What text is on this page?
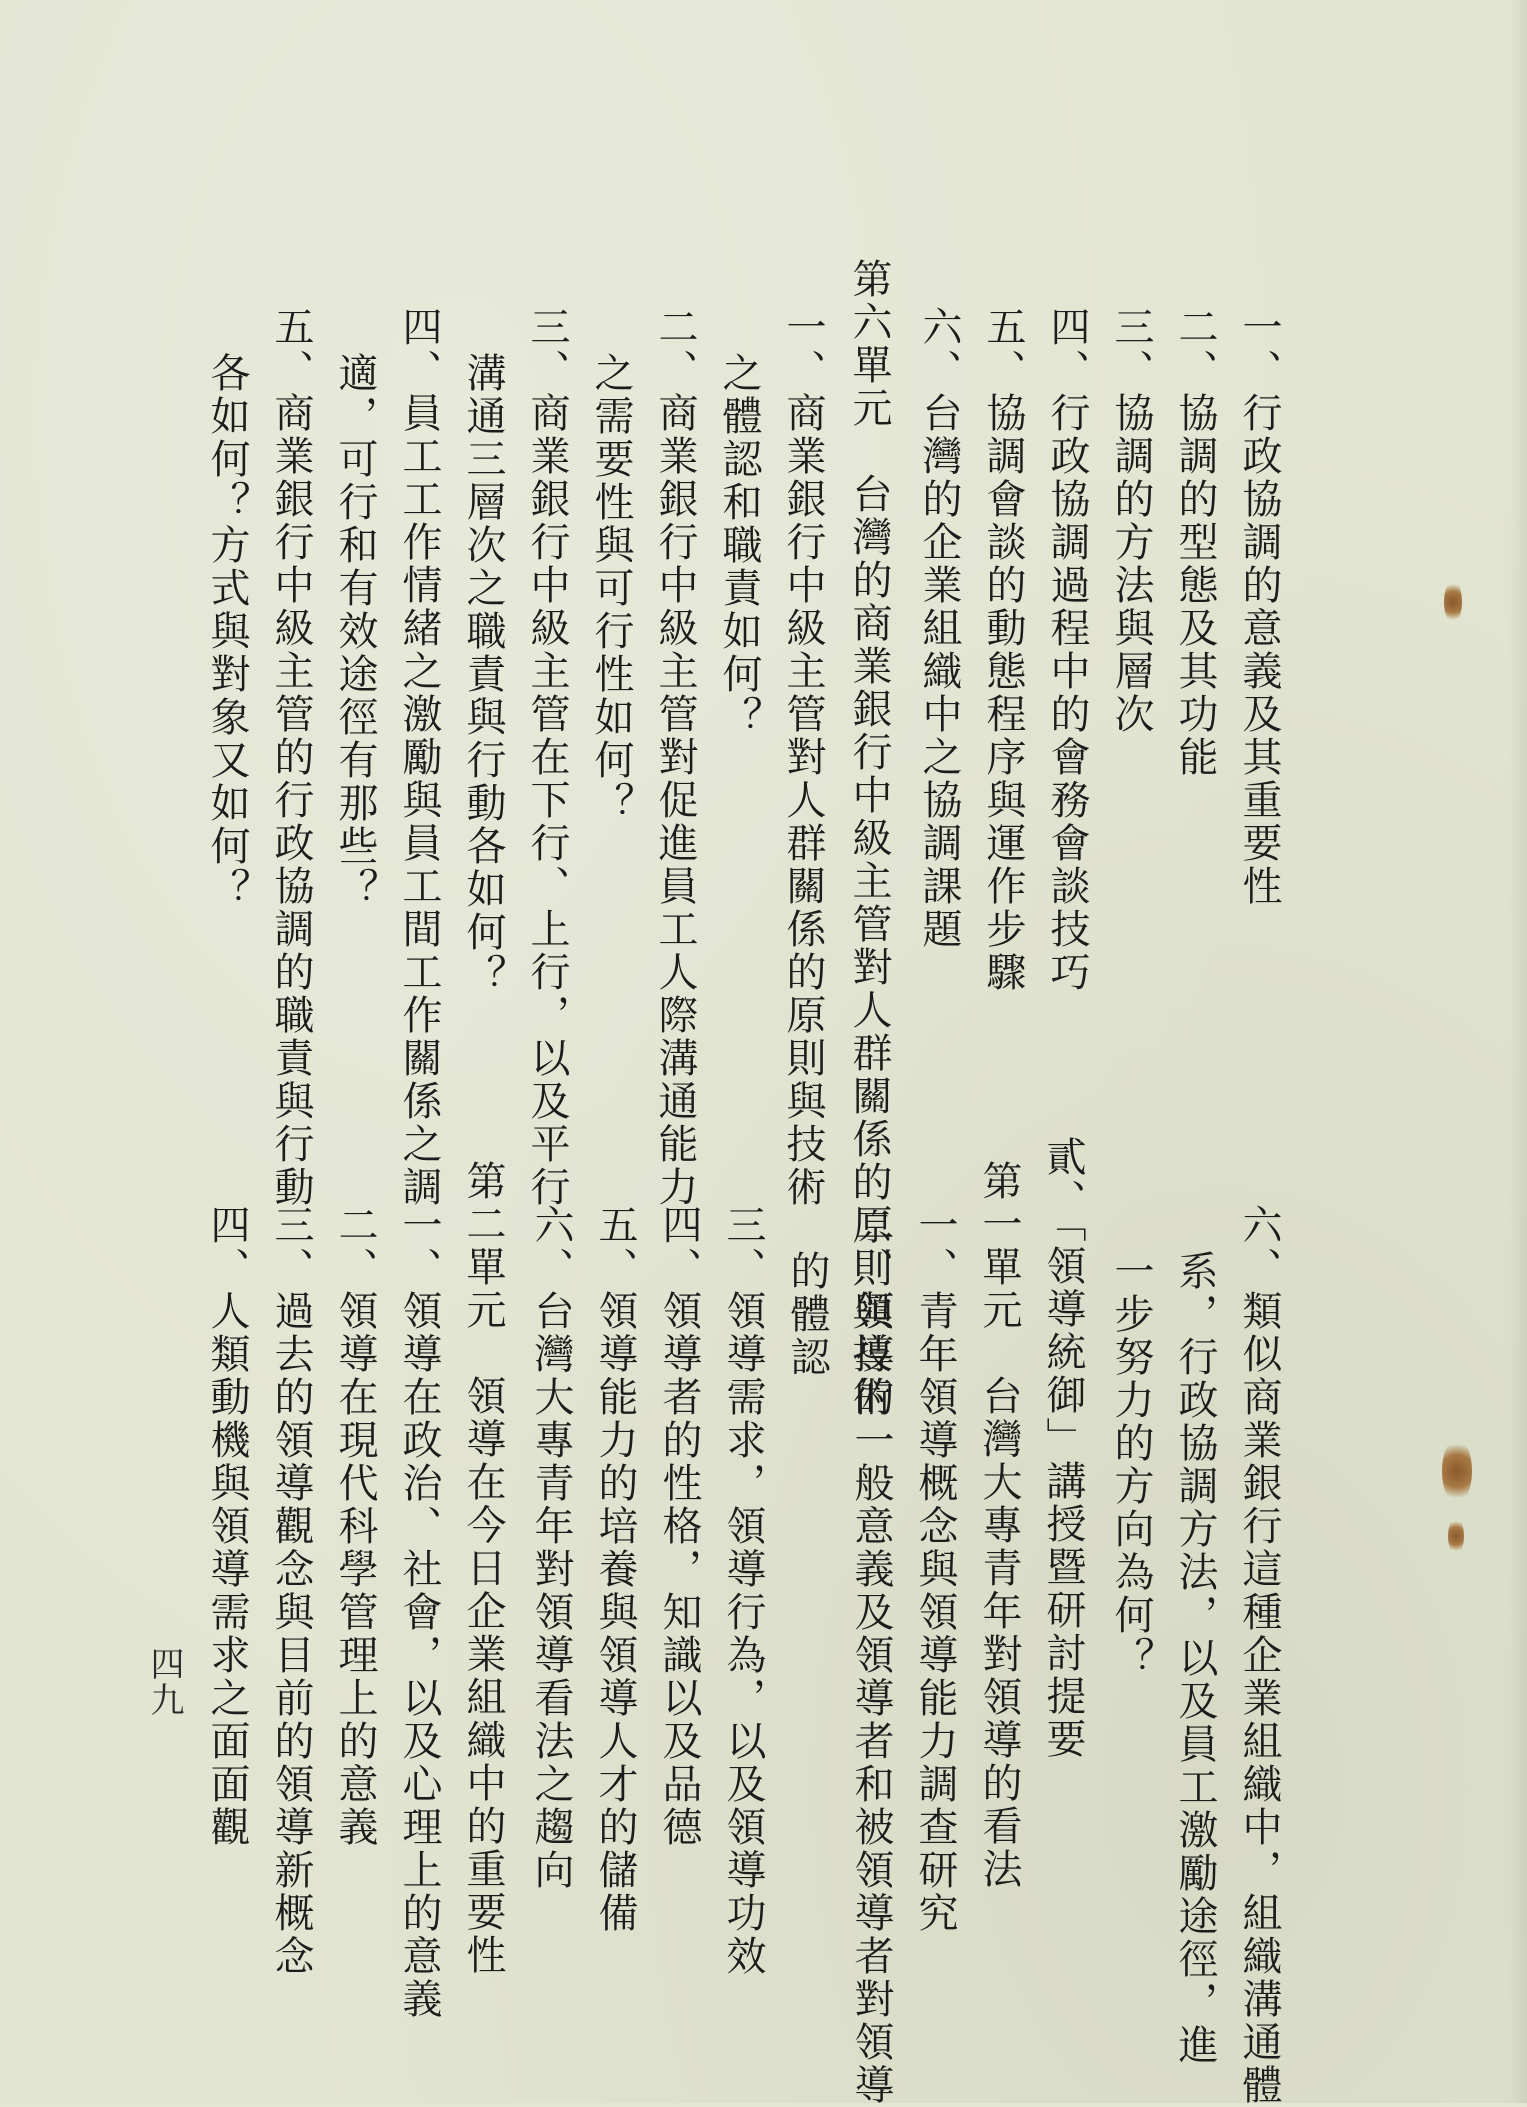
一、行政協調的意義及其重要性
二、協調的型態及其功能
三、協調的方法與層次
四、行政協調過程中的會務會談技巧
五、協調會談的動態程序與運作步驟
六、台灣的企業組織中之協調課題
第六單元　台灣的商業銀行中級主管對人群關係的原則與技術
一、商業銀行中級主管對人群關係的原則與技術
之體認和職責如何？
二、商業銀行中級主管對促進員工人際溝通能力
之需要性與可行性如何？
三、商業銀行中級主管在下行、上行，以及平行
溝通三層次之職責與行動各如何？
四、員工工作情緒之激勵與員工間工作關係之調
適，可行和有效途徑有那些？
五、商業銀行中級主管的行政協調的職責與行動
各如何？方式與對象又如何？
六、類似商業銀行這種企業組織中，組織溝通體
系，行政協調方法，以及員工激勵途徑，進
一步努力的方向為何？
貳、「領導統御」講授暨研討提要
第一單元　台灣大專青年對領導的看法
一、青年領導概念與領導能力調查研究
二、領導的一般意義及領導者和被領導者對領導
的體認
三、領導需求，領導行為，以及領導功效
四、領導者的性格，知識以及品德
五、領導能力的培養與領導人才的儲備
六、台灣大專青年對領導看法之趨向
第二單元　領導在今日企業組織中的重要性
一、領導在政治、社會，以及心理上的意義
二、領導在現代科學管理上的意義
三、過去的領導觀念與目前的領導新概念
四、人類動機與領導需求之面面觀
四九
